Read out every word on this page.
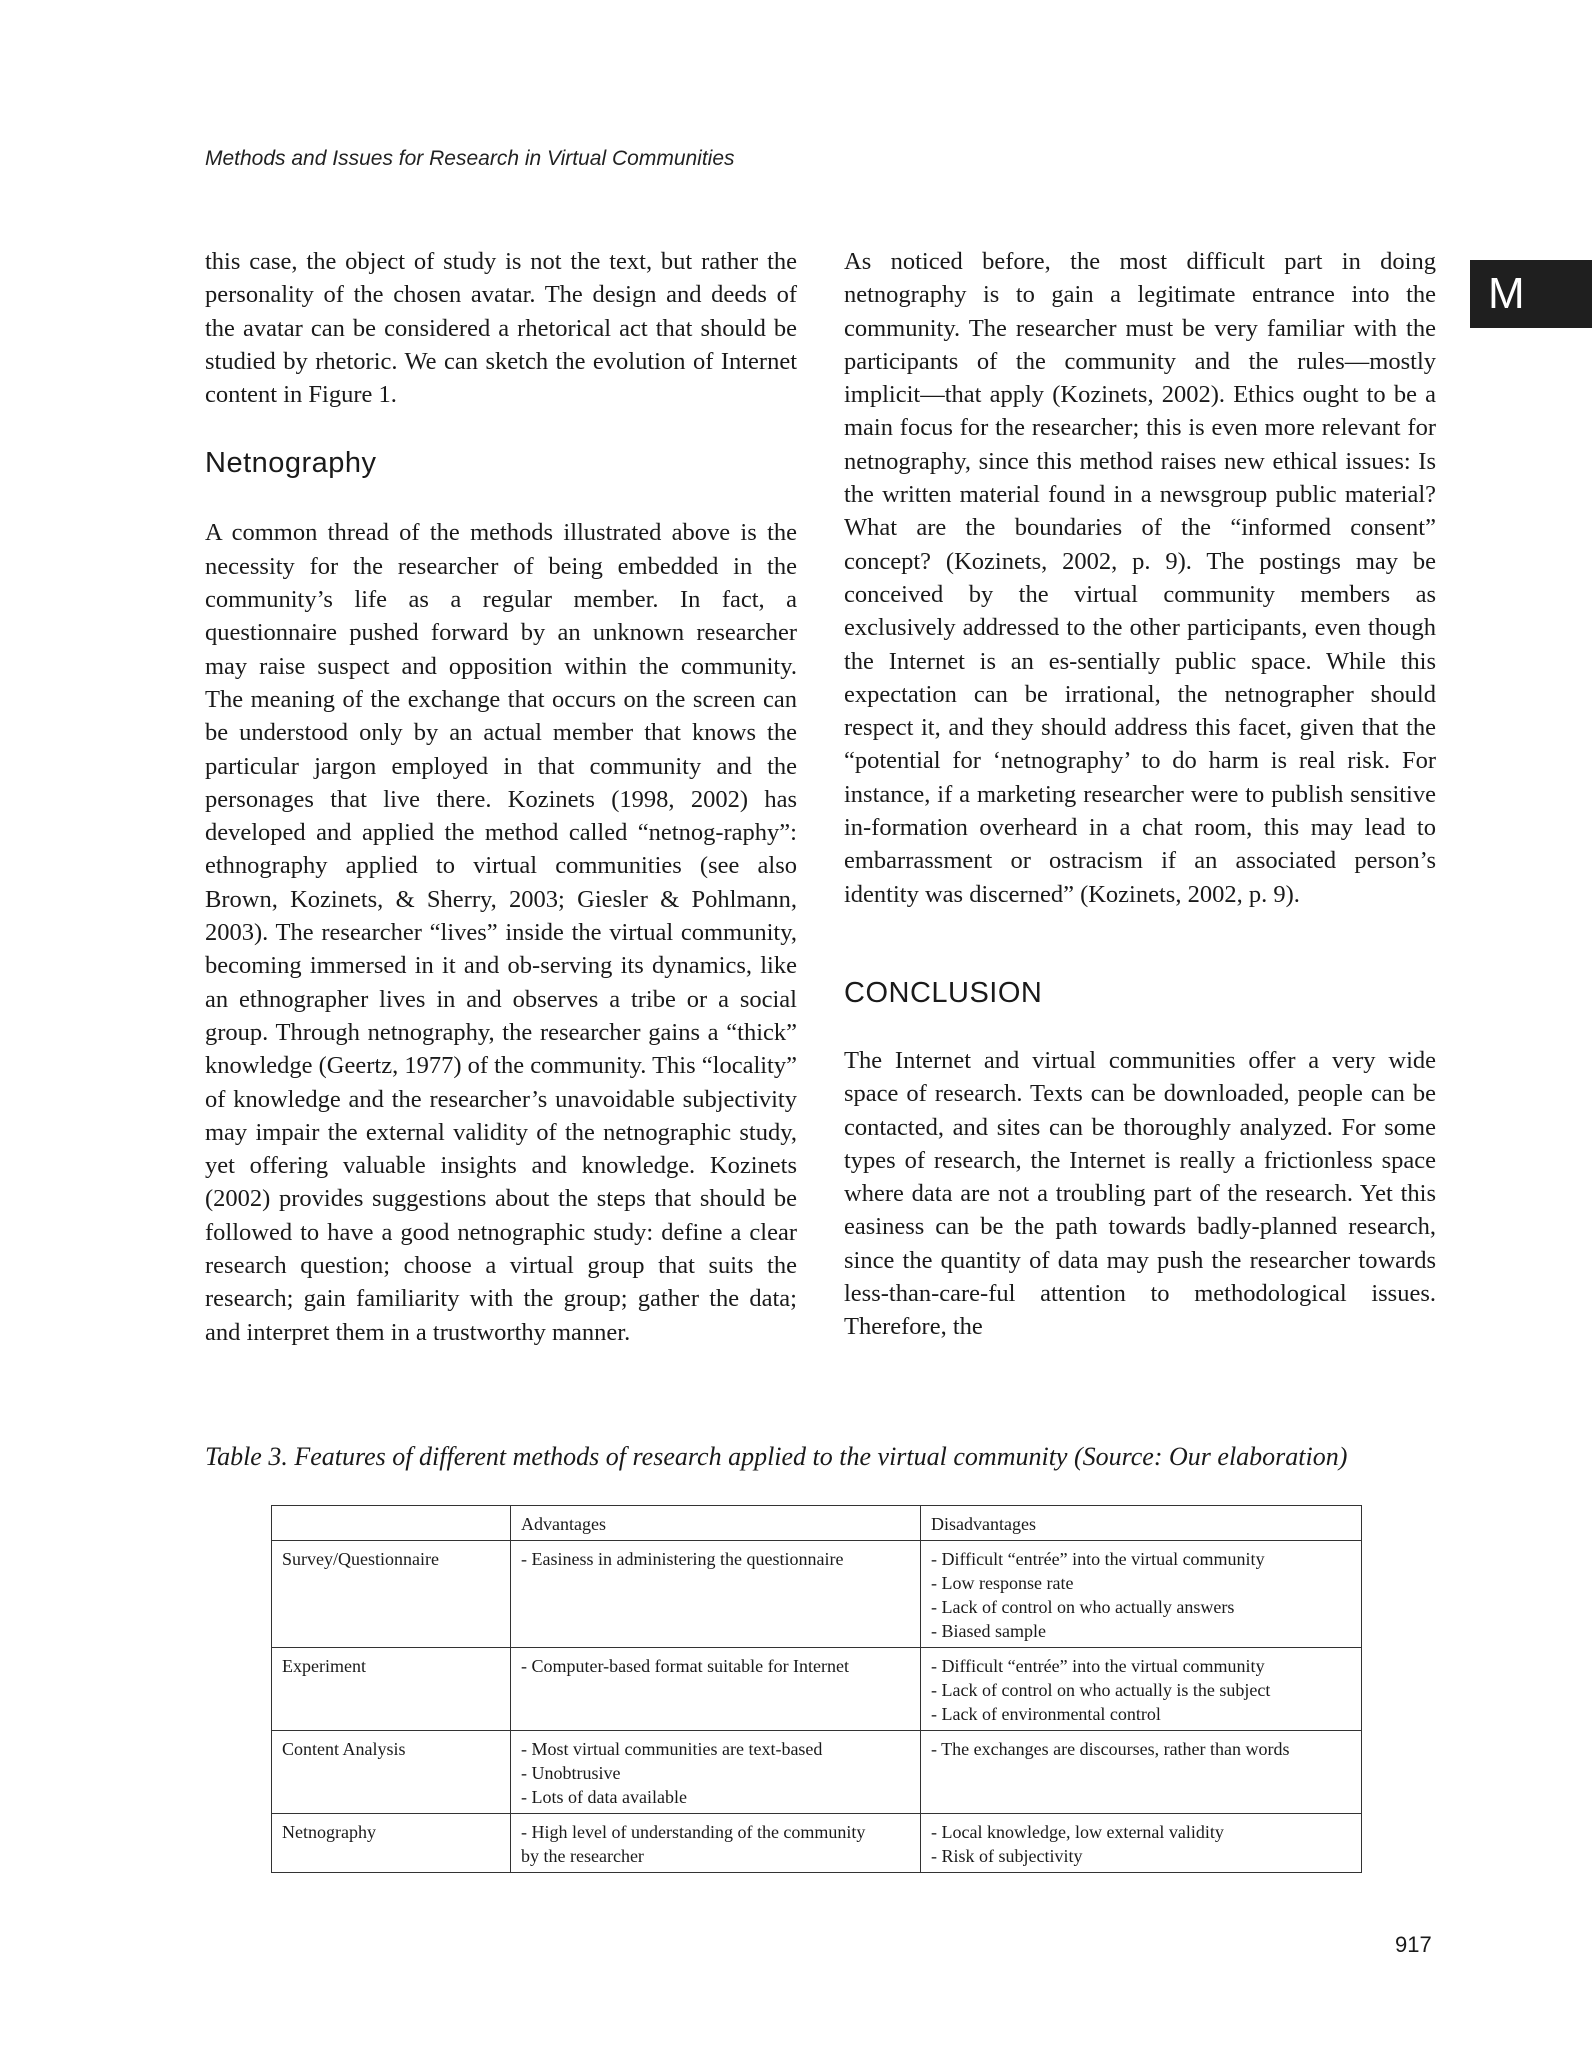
Methods and Issues for Research in Virtual Communities
M

this case, the object of study is not the text, but rather the personality of the chosen avatar. The design and deeds of the avatar can be considered a rhetorical act that should be studied by rhetoric. We can sketch the evolution of Internet content in Figure 1.

Netnography

A common thread of the methods illustrated above is the necessity for the researcher of being embedded in the community’s life as a regular member. In fact, a questionnaire pushed forward by an unknown researcher may raise suspect and opposition within the community. The meaning of the exchange that occurs on the screen can be understood only by an actual member that knows the particular jargon employed in that community and the personages that live there. Kozinets (1998, 2002) has developed and applied the method called “netnog-raphy”: ethnography applied to virtual communities (see also Brown, Kozinets, & Sherry, 2003; Giesler & Pohlmann, 2003). The researcher “lives” inside the virtual community, becoming immersed in it and ob-serving its dynamics, like an ethnographer lives in and observes a tribe or a social group. Through netnography, the researcher gains a “thick” knowledge (Geertz, 1977) of the community. This “locality” of knowledge and the researcher’s unavoidable subjectivity may impair the external validity of the netnographic study, yet offering valuable insights and knowledge. Kozinets (2002) provides suggestions about the steps that should be followed to have a good netnographic study: define a clear research question; choose a virtual group that suits the research; gain familiarity with the group; gather the data; and interpret them in a trustworthy manner.

As noticed before, the most difficult part in doing netnography is to gain a legitimate entrance into the community. The researcher must be very familiar with the participants of the community and the rules—mostly implicit—that apply (Kozinets, 2002). Ethics ought to be a main focus for the researcher; this is even more relevant for netnography, since this method raises new ethical issues: Is the written material found in a newsgroup public material? What are the boundaries of the “informed consent” concept? (Kozinets, 2002, p. 9). The postings may be conceived by the virtual community members as exclusively addressed to the other participants, even though the Internet is an es-sentially public space. While this expectation can be irrational, the netnographer should respect it, and they should address this facet, given that the “potential for ‘netnography’ to do harm is real risk. For instance, if a marketing researcher were to publish sensitive in-formation overheard in a chat room, this may lead to embarrassment or ostracism if an associated person’s identity was discerned” (Kozinets, 2002, p. 9).

CONCLUSION

The Internet and virtual communities offer a very wide space of research. Texts can be downloaded, people can be contacted, and sites can be thoroughly analyzed. For some types of research, the Internet is really a frictionless space where data are not a troubling part of the research. Yet this easiness can be the path towards badly-planned research, since the quantity of data may push the researcher towards less-than-care-ful attention to methodological issues. Therefore, the

Table 3. Features of different methods of research applied to the virtual community (Source: Our elaboration)
	Advantages	Disadvantages
Survey/Questionnaire	- Easiness in administering the questionnaire	- Difficult “entrée” into the virtual community
- Low response rate
- Lack of control on who actually answers
- Biased sample

Experiment	- Computer-based format suitable for Internet	- Difficult “entrée” into the virtual community
- Lack of control on who actually is the subject
- Lack of environmental control

Content Analysis	- Most virtual communities are text-based
- Unobtrusive
- Lots of data available	- The exchanges are discourses, rather than words

Netnography	- High level of understanding of the community
by the researcher	- Local knowledge, low external validity
- Risk of subjectivity
917
